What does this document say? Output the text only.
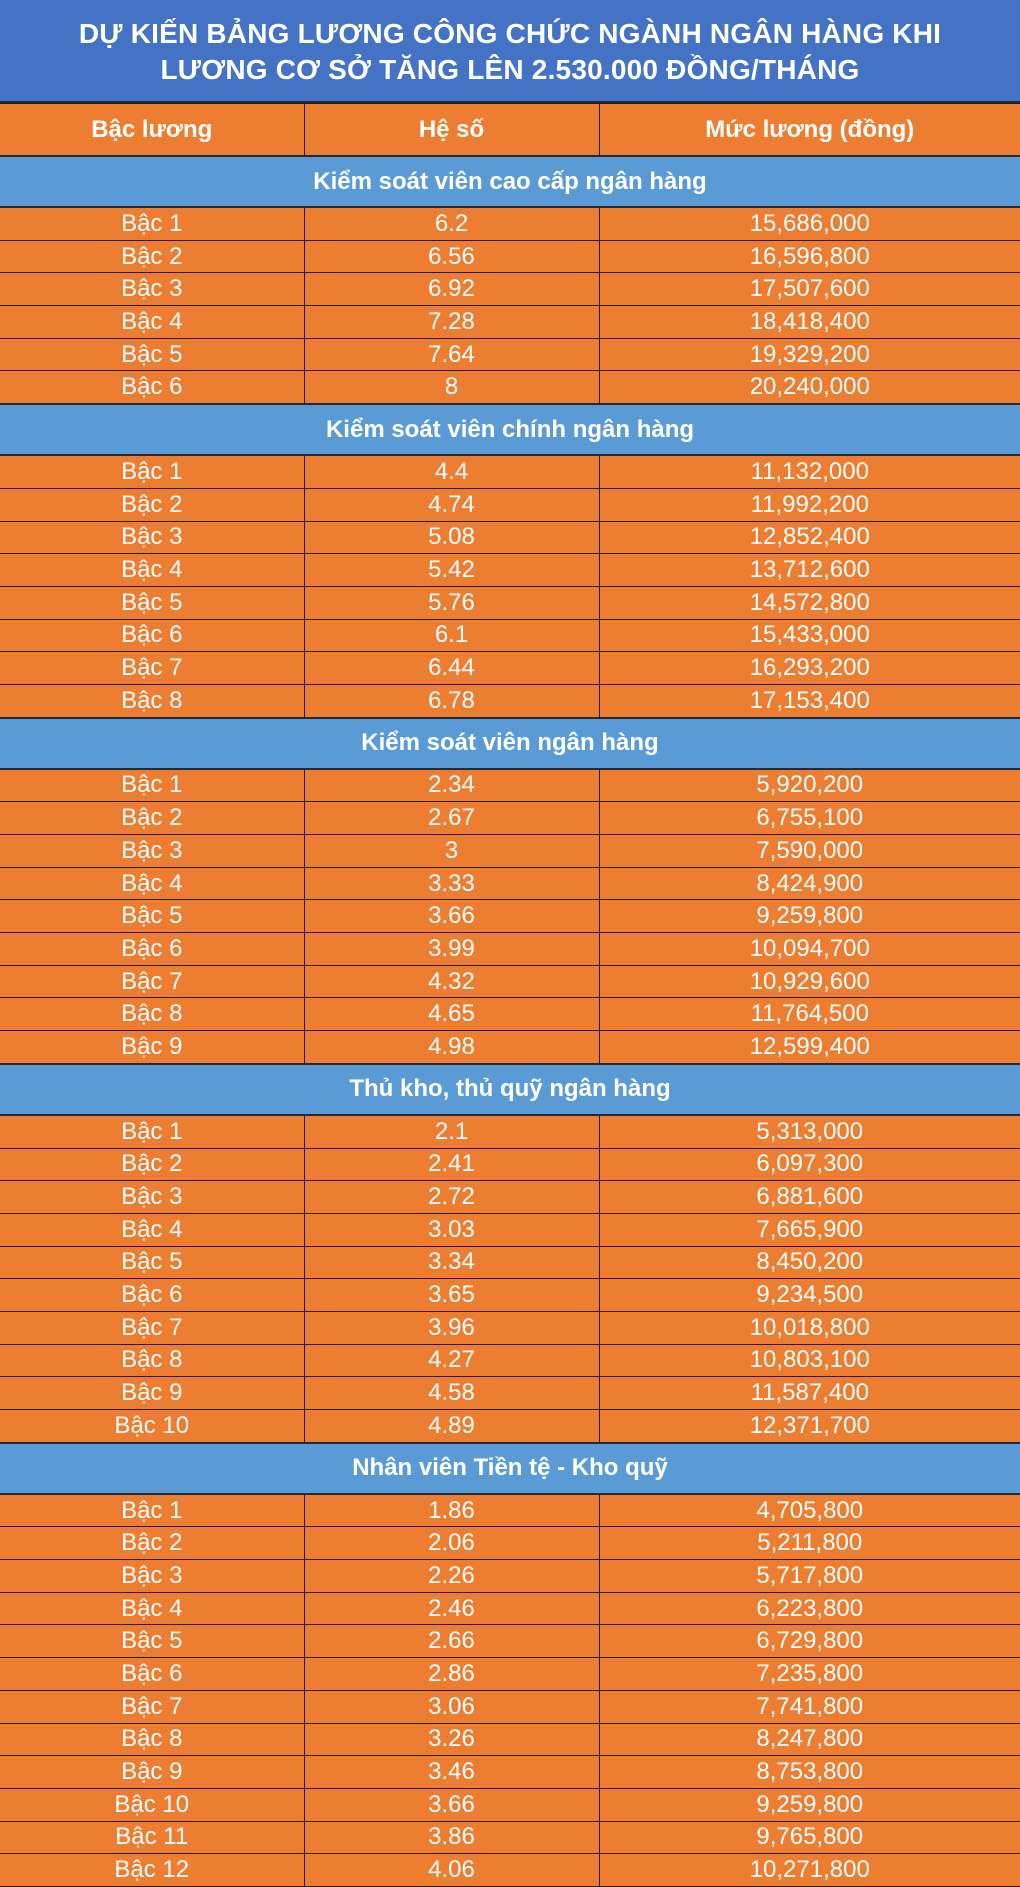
DỰ KIẾN BẢNG LƯƠNG CÔNG CHỨC NGÀNH NGÂN HÀNG KHI
LƯƠNG CƠ SỞ TĂNG LÊN 2.530.000 ĐỒNG/THÁNG
Bậc lương	Hệ số	Mức lương (đồng)
Kiểm soát viên cao cấp ngân hàng		
Bậc 1	6.2	15,686,000
Bậc 2	6.56	16,596,800
Bậc 3	6.92	17,507,600
Bậc 4	7.28	18,418,400
Bậc 5	7.64	19,329,200
Bậc 6	8	20,240,000
Kiểm soát viên chính ngân hàng		
Bậc 1	4.4	11,132,000
Bậc 2	4.74	11,992,200
Bậc 3	5.08	12,852,400
Bậc 4	5.42	13,712,600
Bậc 5	5.76	14,572,800
Bậc 6	6.1	15,433,000
Bậc 7	6.44	16,293,200
Bậc 8	6.78	17,153,400
Kiểm soát viên ngân hàng		
Bậc 1	2.34	5,920,200
Bậc 2	2.67	6,755,100
Bậc 3	3	7,590,000
Bậc 4	3.33	8,424,900
Bậc 5	3.66	9,259,800
Bậc 6	3.99	10,094,700
Bậc 7	4.32	10,929,600
Bậc 8	4.65	11,764,500
Bậc 9	4.98	12,599,400
Thủ kho, thủ quỹ ngân hàng		
Bậc 1	2.1	5,313,000
Bậc 2	2.41	6,097,300
Bậc 3	2.72	6,881,600
Bậc 4	3.03	7,665,900
Bậc 5	3.34	8,450,200
Bậc 6	3.65	9,234,500
Bậc 7	3.96	10,018,800
Bậc 8	4.27	10,803,100
Bậc 9	4.58	11,587,400
Bậc 10	4.89	12,371,700
Nhân viên Tiền tệ - Kho quỹ		
Bậc 1	1.86	4,705,800
Bậc 2	2.06	5,211,800
Bậc 3	2.26	5,717,800
Bậc 4	2.46	6,223,800
Bậc 5	2.66	6,729,800
Bậc 6	2.86	7,235,800
Bậc 7	3.06	7,741,800
Bậc 8	3.26	8,247,800
Bậc 9	3.46	8,753,800
Bậc 10	3.66	9,259,800
Bậc 11	3.86	9,765,800
Bậc 12	4.06	10,271,800
